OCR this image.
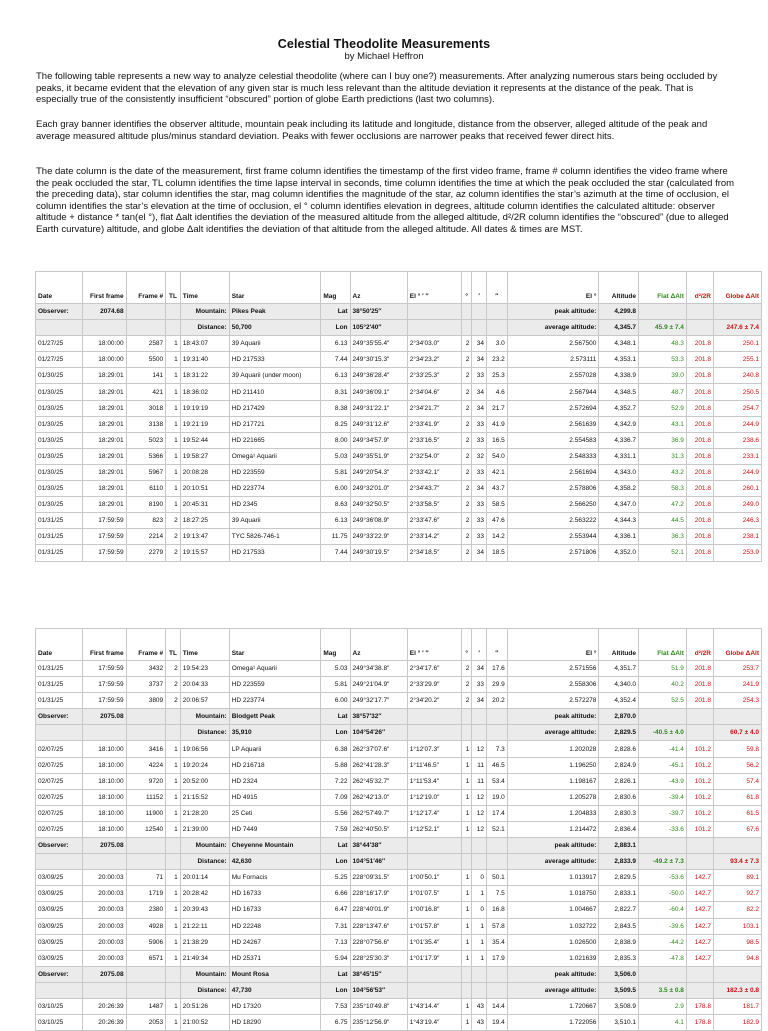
Celestial Theodolite Measurements
by Michael Heffron

The following table represents a new way to analyze celestial theodolite (where can I buy one?) measurements. After analyzing numerous stars being occluded by peaks, it became evident that the elevation of any given star is much less relevant than the altitude deviation it represents at the distance of the peak. That is especially true of the consistently insufficient “obscured” portion of globe Earth predictions (last two columns).

Each gray banner identifies the observer altitude, mountain peak including its latitude and longitude, distance from the observer, alleged altitude of the peak and average measured altitude plus/minus standard deviation. Peaks with fewer occlusions are narrower peaks that received fewer direct hits.

The date column is the date of the measurement, first frame column identifies the timestamp of the first video frame, frame # column identifies the video frame where the peak occluded the star, TL column identifies the time lapse interval in seconds, time column identifies the time at which the peak occluded the star (calculated from the preceding data), star column identifies the star, mag column identifies the magnitude of the star, az column identifies the star’s azimuth at the time of occlusion, el column identifies the star’s elevation at the time of occlusion, el ° column identifies elevation in degrees, altitude column identifies the calculated altitude: observer altitude + distance * tan(el °), flat Δalt identifies the deviation of the measured altitude from the alleged altitude, d²/2R column identifies the “obscured” (due to alleged Earth curvature) altitude, and globe Δalt identifies the deviation of that altitude from the alleged altitude. All dates & times are MST.

Date	First frame	Frame #	TL	Time	Star	Mag	Az	El ° ′ ″	°	′	″	El °	Altitude	Flat ΔAlt	d²/2R	Globe ΔAlt
Observer:	2074.68			Mountain:	Pikes Peak	Lat	38°50′25″					peak altitude:	4,299.8			
				Distance:	50,700	Lon	105°2′40″					average altitude:	4,345.7	45.9 ± 7.4		247.6 ± 7.4
01/27/25	18:00:00	2587	1	18:43:07	39 Aquarii	6.13	249°35′55.4″	2°34′03.0″	2	34	3.0	2.567500	4,348.1	48.3	201.8	250.1
01/27/25	18:00:00	5500	1	19:31:40	HD 217533	7.44	249°30′15.3″	2°34′23.2″	2	34	23.2	2.573111	4,353.1	53.3	201.8	255.1
01/30/25	18:29:01	141	1	18:31:22	39 Aquarii (under moon)	6.13	249°36′28.4″	2°33′25.3″	2	33	25.3	2.557028	4,338.9	39.0	201.8	240.8
01/30/25	18:29:01	421	1	18:36:02	HD 211410	8.31	249°36′09.1″	2°34′04.6″	2	34	4.6	2.567944	4,348.5	48.7	201.8	250.5
01/30/25	18:29:01	3018	1	19:19:19	HD 217429	8.38	249°31′22.1″	2°34′21.7″	2	34	21.7	2.572694	4,352.7	52.9	201.8	254.7
01/30/25	18:29:01	3138	1	19:21:19	HD 217721	8.25	249°31′12.6″	2°33′41.9″	2	33	41.9	2.561639	4,342.9	43.1	201.8	244.9
01/30/25	18:29:01	5023	1	19:52:44	HD 221665	8.00	249°34′57.9″	2°33′16.5″	2	33	16.5	2.554583	4,336.7	36.9	201.8	238.6
01/30/25	18:29:01	5366	1	19:58:27	Omega¹ Aquarii	5.03	249°35′51.9″	2°32′54.0″	2	32	54.0	2.548333	4,331.1	31.3	201.8	233.1
01/30/25	18:29:01	5967	1	20:08:28	HD 223559	5.81	249°20′54.3″	2°33′42.1″	2	33	42.1	2.561694	4,343.0	43.2	201.8	244.9
01/30/25	18:29:01	6110	1	20:10:51	HD 223774	6.00	249°32′01.0″	2°34′43.7″	2	34	43.7	2.578806	4,358.2	58.3	201.8	260.1
01/30/25	18:29:01	8190	1	20:45:31	HD 2345	8.63	249°32′50.5″	2°33′58.5″	2	33	58.5	2.566250	4,347.0	47.2	201.8	249.0
01/31/25	17:59:59	823	2	18:27:25	39 Aquarii	6.13	249°36′08.9″	2°33′47.6″	2	33	47.6	2.563222	4,344.3	44.5	201.8	246.3
01/31/25	17:59:59	2214	2	19:13:47	TYC 5826-746-1	11.75	249°33′22.9″	2°33′14.2″	2	33	14.2	2.553944	4,336.1	36.3	201.8	238.1
01/31/25	17:59:59	2279	2	19:15:57	HD 217533	7.44	249°30′19.5″	2°34′18.5″	2	34	18.5	2.571806	4,352.0	52.1	201.8	253.9
Date	First frame	Frame #	TL	Time	Star	Mag	Az	El ° ′ ″	°	′	″	El °	Altitude	Flat ΔAlt	d²/2R	Globe ΔAlt
01/31/25	17:59:59	3432	2	19:54:23	Omega¹ Aquarii	5.03	249°34′38.8″	2°34′17.6″	2	34	17.6	2.571556	4,351.7	51.9	201.8	253.7
01/31/25	17:59:59	3737	2	20:04:33	HD 223559	5.81	249°21′04.9″	2°33′29.9″	2	33	29.9	2.558306	4,340.0	40.2	201.8	241.9
01/31/25	17:59:59	3809	2	20:06:57	HD 223774	6.00	249°32′17.7″	2°34′20.2″	2	34	20.2	2.572278	4,352.4	52.5	201.8	254.3
Observer:	2075.08			Mountain:	Blodgett Peak	Lat	38°57′32″					peak altitude:	2,870.0			
				Distance:	35,910	Lon	104°54′26″					average altitude:	2,829.5	-40.5 ± 4.0		60.7 ± 4.0
02/07/25	18:10:00	3416	1	19:06:56	LP Aquarii	6.38	262°37′07.6″	1°12′07.3″	1	12	7.3	1.202028	2,828.6	-41.4	101.2	59.8
02/07/25	18:10:00	4224	1	19:20:24	HD 216718	5.88	262°41′28.3″	1°11′46.5″	1	11	46.5	1.196250	2,824.9	-45.1	101.2	56.2
02/07/25	18:10:00	9720	1	20:52:00	HD 2324	7.22	262°45′32.7″	1°11′53.4″	1	11	53.4	1.198167	2,826.1	-43.9	101.2	57.4
02/07/25	18:10:00	11152	1	21:15:52	HD 4915	7.09	262°42′13.0″	1°12′19.0″	1	12	19.0	1.205278	2,830.6	-39.4	101.2	61.8
02/07/25	18:10:00	11900	1	21:28:20	25 Ceti	5.56	262°57′49.7″	1°12′17.4″	1	12	17.4	1.204833	2,830.3	-39.7	101.2	61.5
02/07/25	18:10:00	12540	1	21:39:00	HD 7449	7.59	262°40′50.5″	1°12′52.1″	1	12	52.1	1.214472	2,836.4	-33.6	101.2	67.6
Observer:	2075.08			Mountain:	Cheyenne Mountain	Lat	38°44′38″					peak altitude:	2,883.1			
				Distance:	42,630	Lon	104°51′46″					average altitude:	2,833.9	-49.2 ± 7.3		93.4 ± 7.3
03/09/25	20:00:03	71	1	20:01:14	Mu Fornacis	5.25	228°09′31.5″	1°00′50.1″	1	0	50.1	1.013917	2,829.5	-53.6	142.7	89.1
03/09/25	20:00:03	1719	1	20:28:42	HD 16733	6.66	228°16′17.9″	1°01′07.5″	1	1	7.5	1.018750	2,833.1	-50.0	142.7	92.7
03/09/25	20:00:03	2380	1	20:39:43	HD 16733	6.47	228°40′01.9″	1°00′16.8″	1	0	16.8	1.004667	2,822.7	-60.4	142.7	82.2
03/09/25	20:00:03	4928	1	21:22:11	HD 22248	7.31	228°13′47.6″	1°01′57.8″	1	1	57.8	1.032722	2,843.5	-39.6	142.7	103.1
03/09/25	20:00:03	5906	1	21:38:29	HD 24267	7.13	228°07′56.6″	1°01′35.4″	1	1	35.4	1.026500	2,838.9	-44.2	142.7	98.5
03/09/25	20:00:03	6571	1	21:49:34	HD 25371	5.94	228°25′30.3″	1°01′17.9″	1	1	17.9	1.021639	2,835.3	-47.8	142.7	94.8
Observer:	2075.08			Mountain:	Mount Rosa	Lat	38°45′15″					peak altitude:	3,506.0			
				Distance:	47,730	Lon	104°56′53″					average altitude:	3,509.5	3.5 ± 0.8		182.3 ± 0.8
03/10/25	20:26:39	1487	1	20:51:26	HD 17320	7.53	235°10′49.8″	1°43′14.4″	1	43	14.4	1.720667	3,508.9	2.9	178.8	181.7
03/10/25	20:26:39	2053	1	21:00:52	HD 18290	6.75	235°12′56.9″	1°43′19.4″	1	43	19.4	1.722056	3,510.1	4.1	178.8	182.9
